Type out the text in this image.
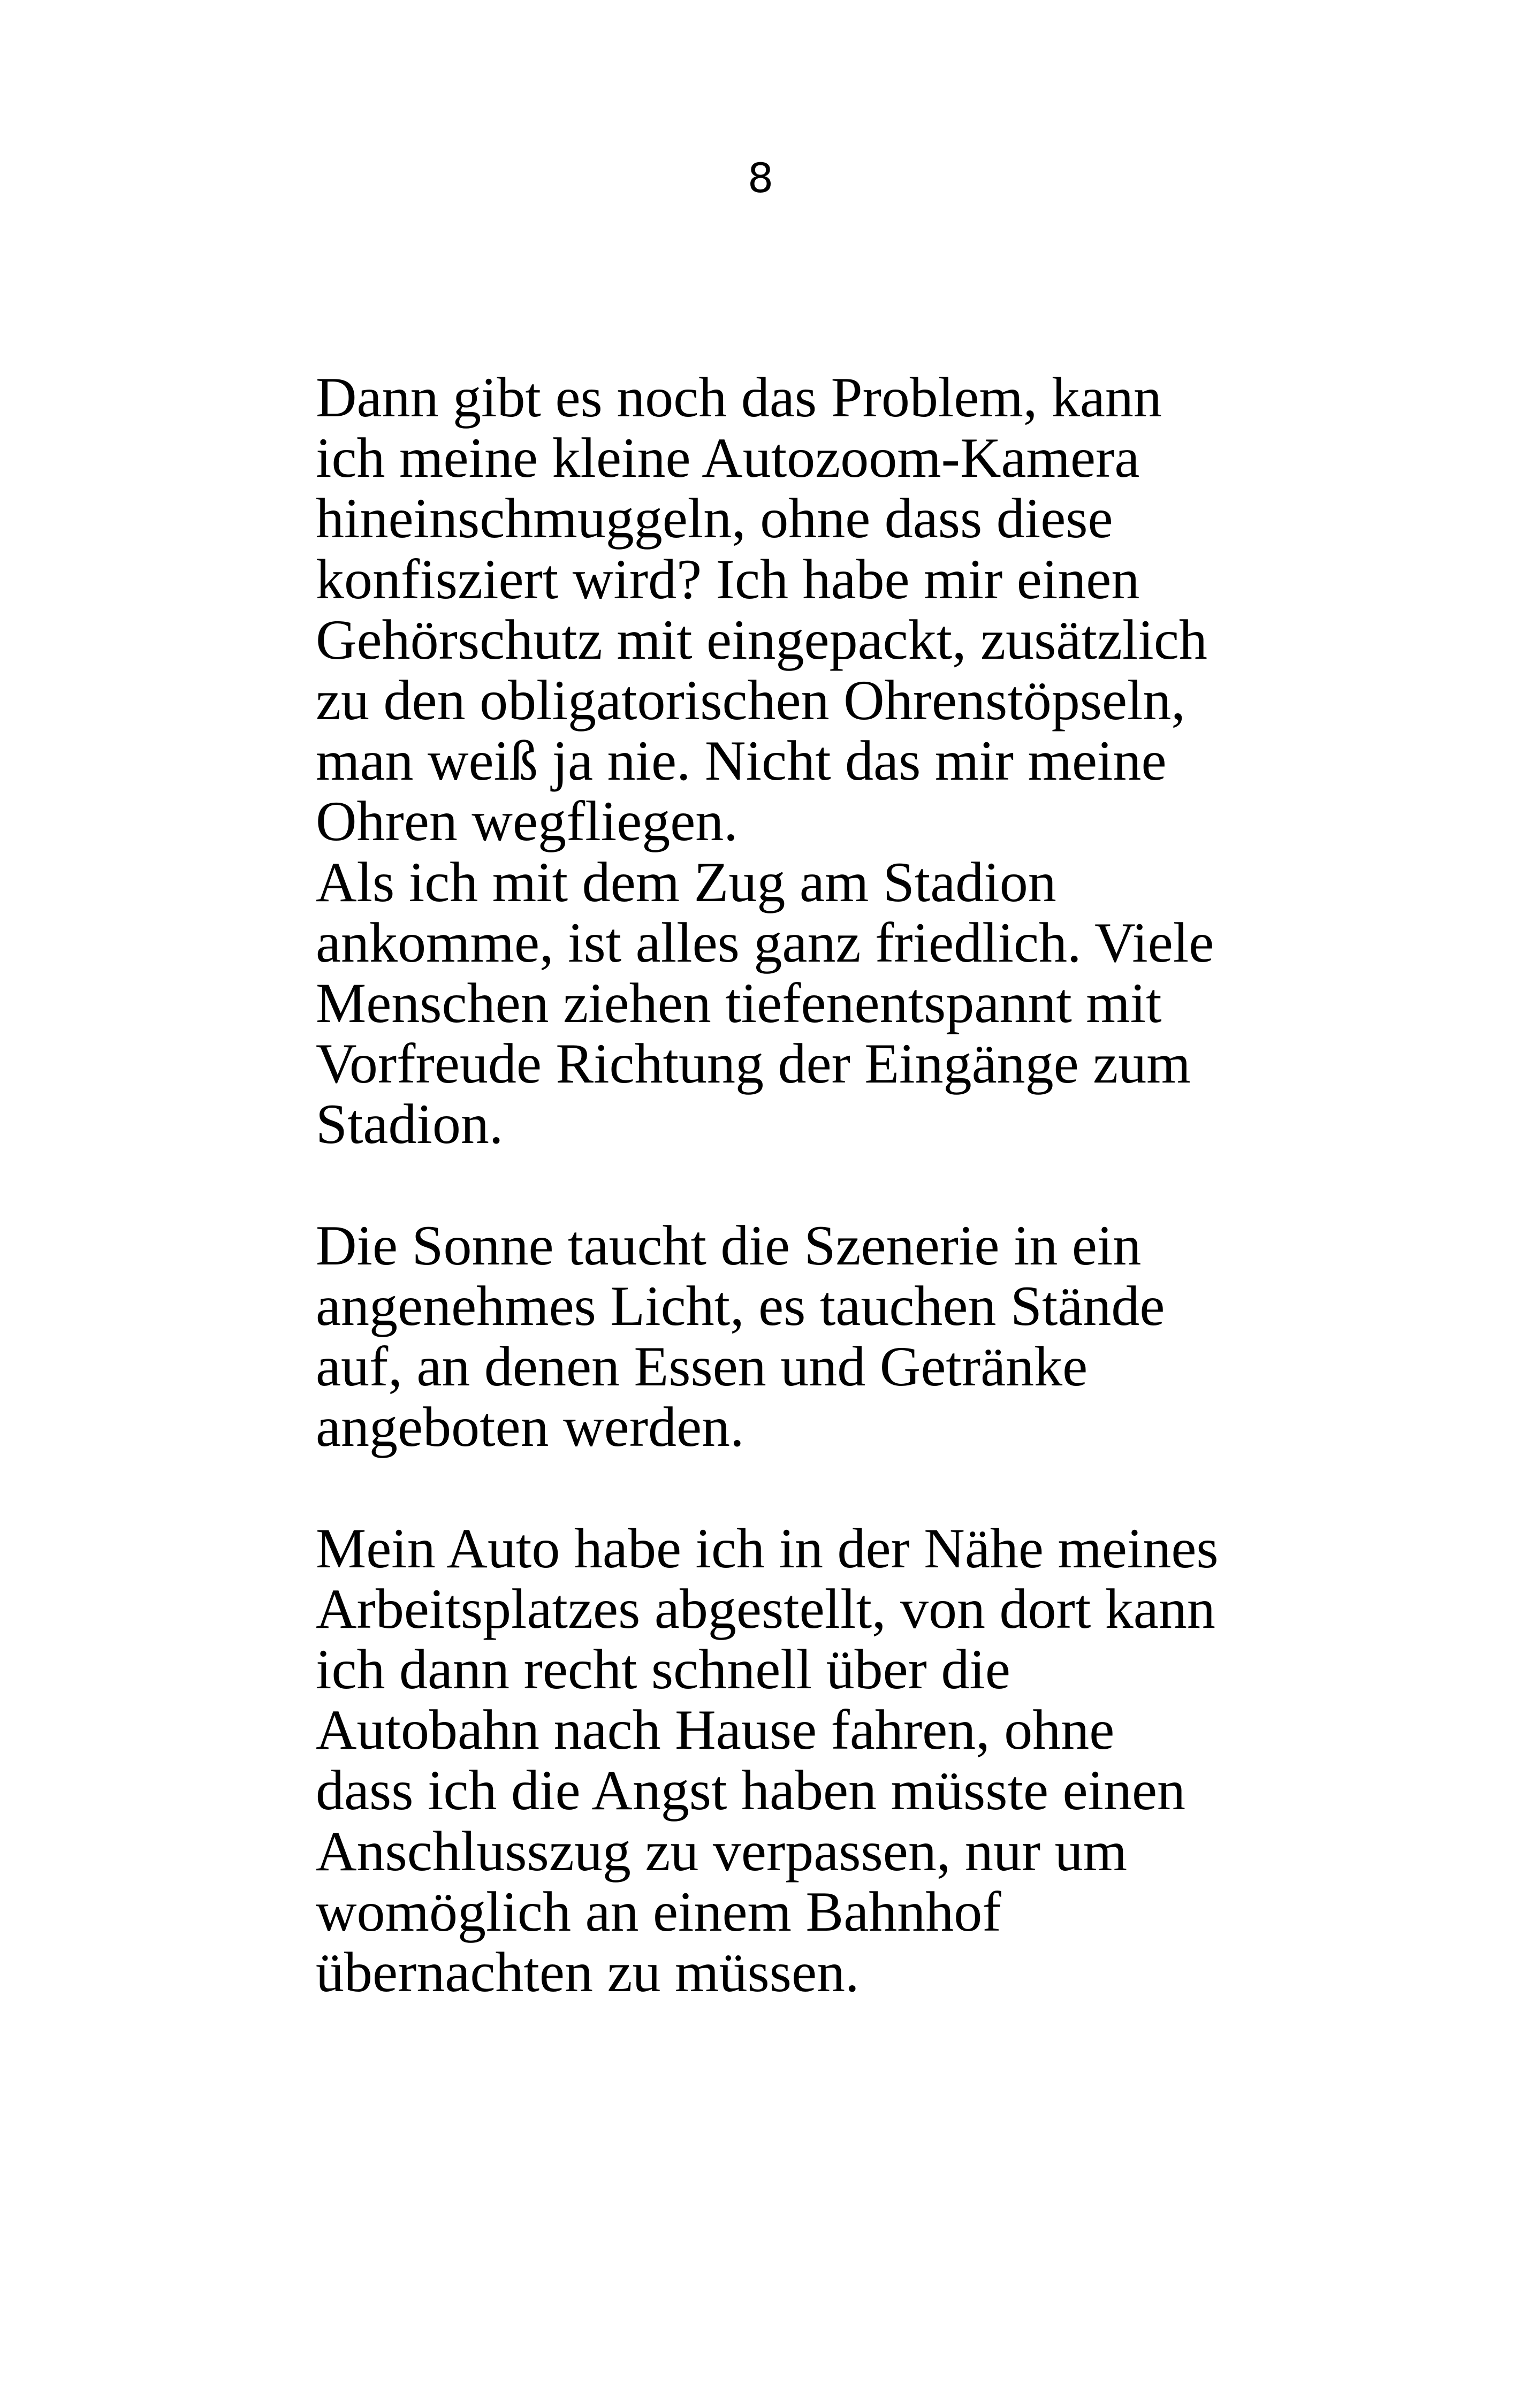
8
Dann gibt es noch das Problem, kann
ich meine kleine Autozoom-Kamera
hineinschmuggeln, ohne dass diese
konfisziert wird? Ich habe mir einen
Gehörschutz mit eingepackt, zusätzlich
zu den obligatorischen Ohrenstöpseln,
man weiß ja nie. Nicht das mir meine
Ohren wegfliegen.
Als ich mit dem Zug am Stadion
ankomme, ist alles ganz friedlich. Viele
Menschen ziehen tiefenentspannt mit
Vorfreude Richtung der Eingänge zum
Stadion.
Die Sonne taucht die Szenerie in ein
angenehmes Licht, es tauchen Stände
auf, an denen Essen und Getränke
angeboten werden.
Mein Auto habe ich in der Nähe meines
Arbeitsplatzes abgestellt, von dort kann
ich dann recht schnell über die
Autobahn nach Hause fahren, ohne
dass ich die Angst haben müsste einen
Anschlusszug zu verpassen, nur um
womöglich an einem Bahnhof
übernachten zu müssen.
